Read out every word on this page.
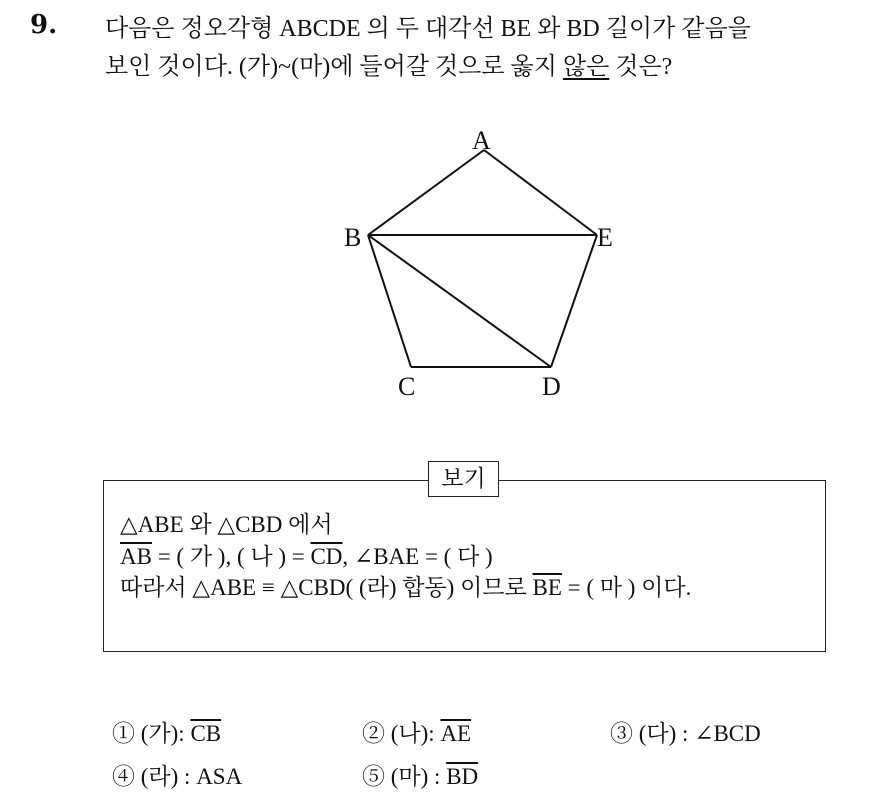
9. 다음은 정오각형 ABCDE 의 두 대각선 BE 와 BD 길이가 같음을
보인 것이다. (가)~(마)에 들어갈 것으로 옳지 않은 것은?
A
B	E
C	D
보기
△ABE 와 △CBD 에서
$\overline{AB}$ = ( 가 ), ( 나 ) = $\overline{CD}$, ∠BAE = ( 다 )
따라서 △ABE ≡ △CBD( (라) 합동) 이므로 $\overline{BE}$ = ( 마 ) 이다.
① (가): $\overline{CB}$	② (나): $\overline{AE}$	③ (다) : ∠BCD
④ (라) : ASA	⑤ (마) : $\overline{BD}$
